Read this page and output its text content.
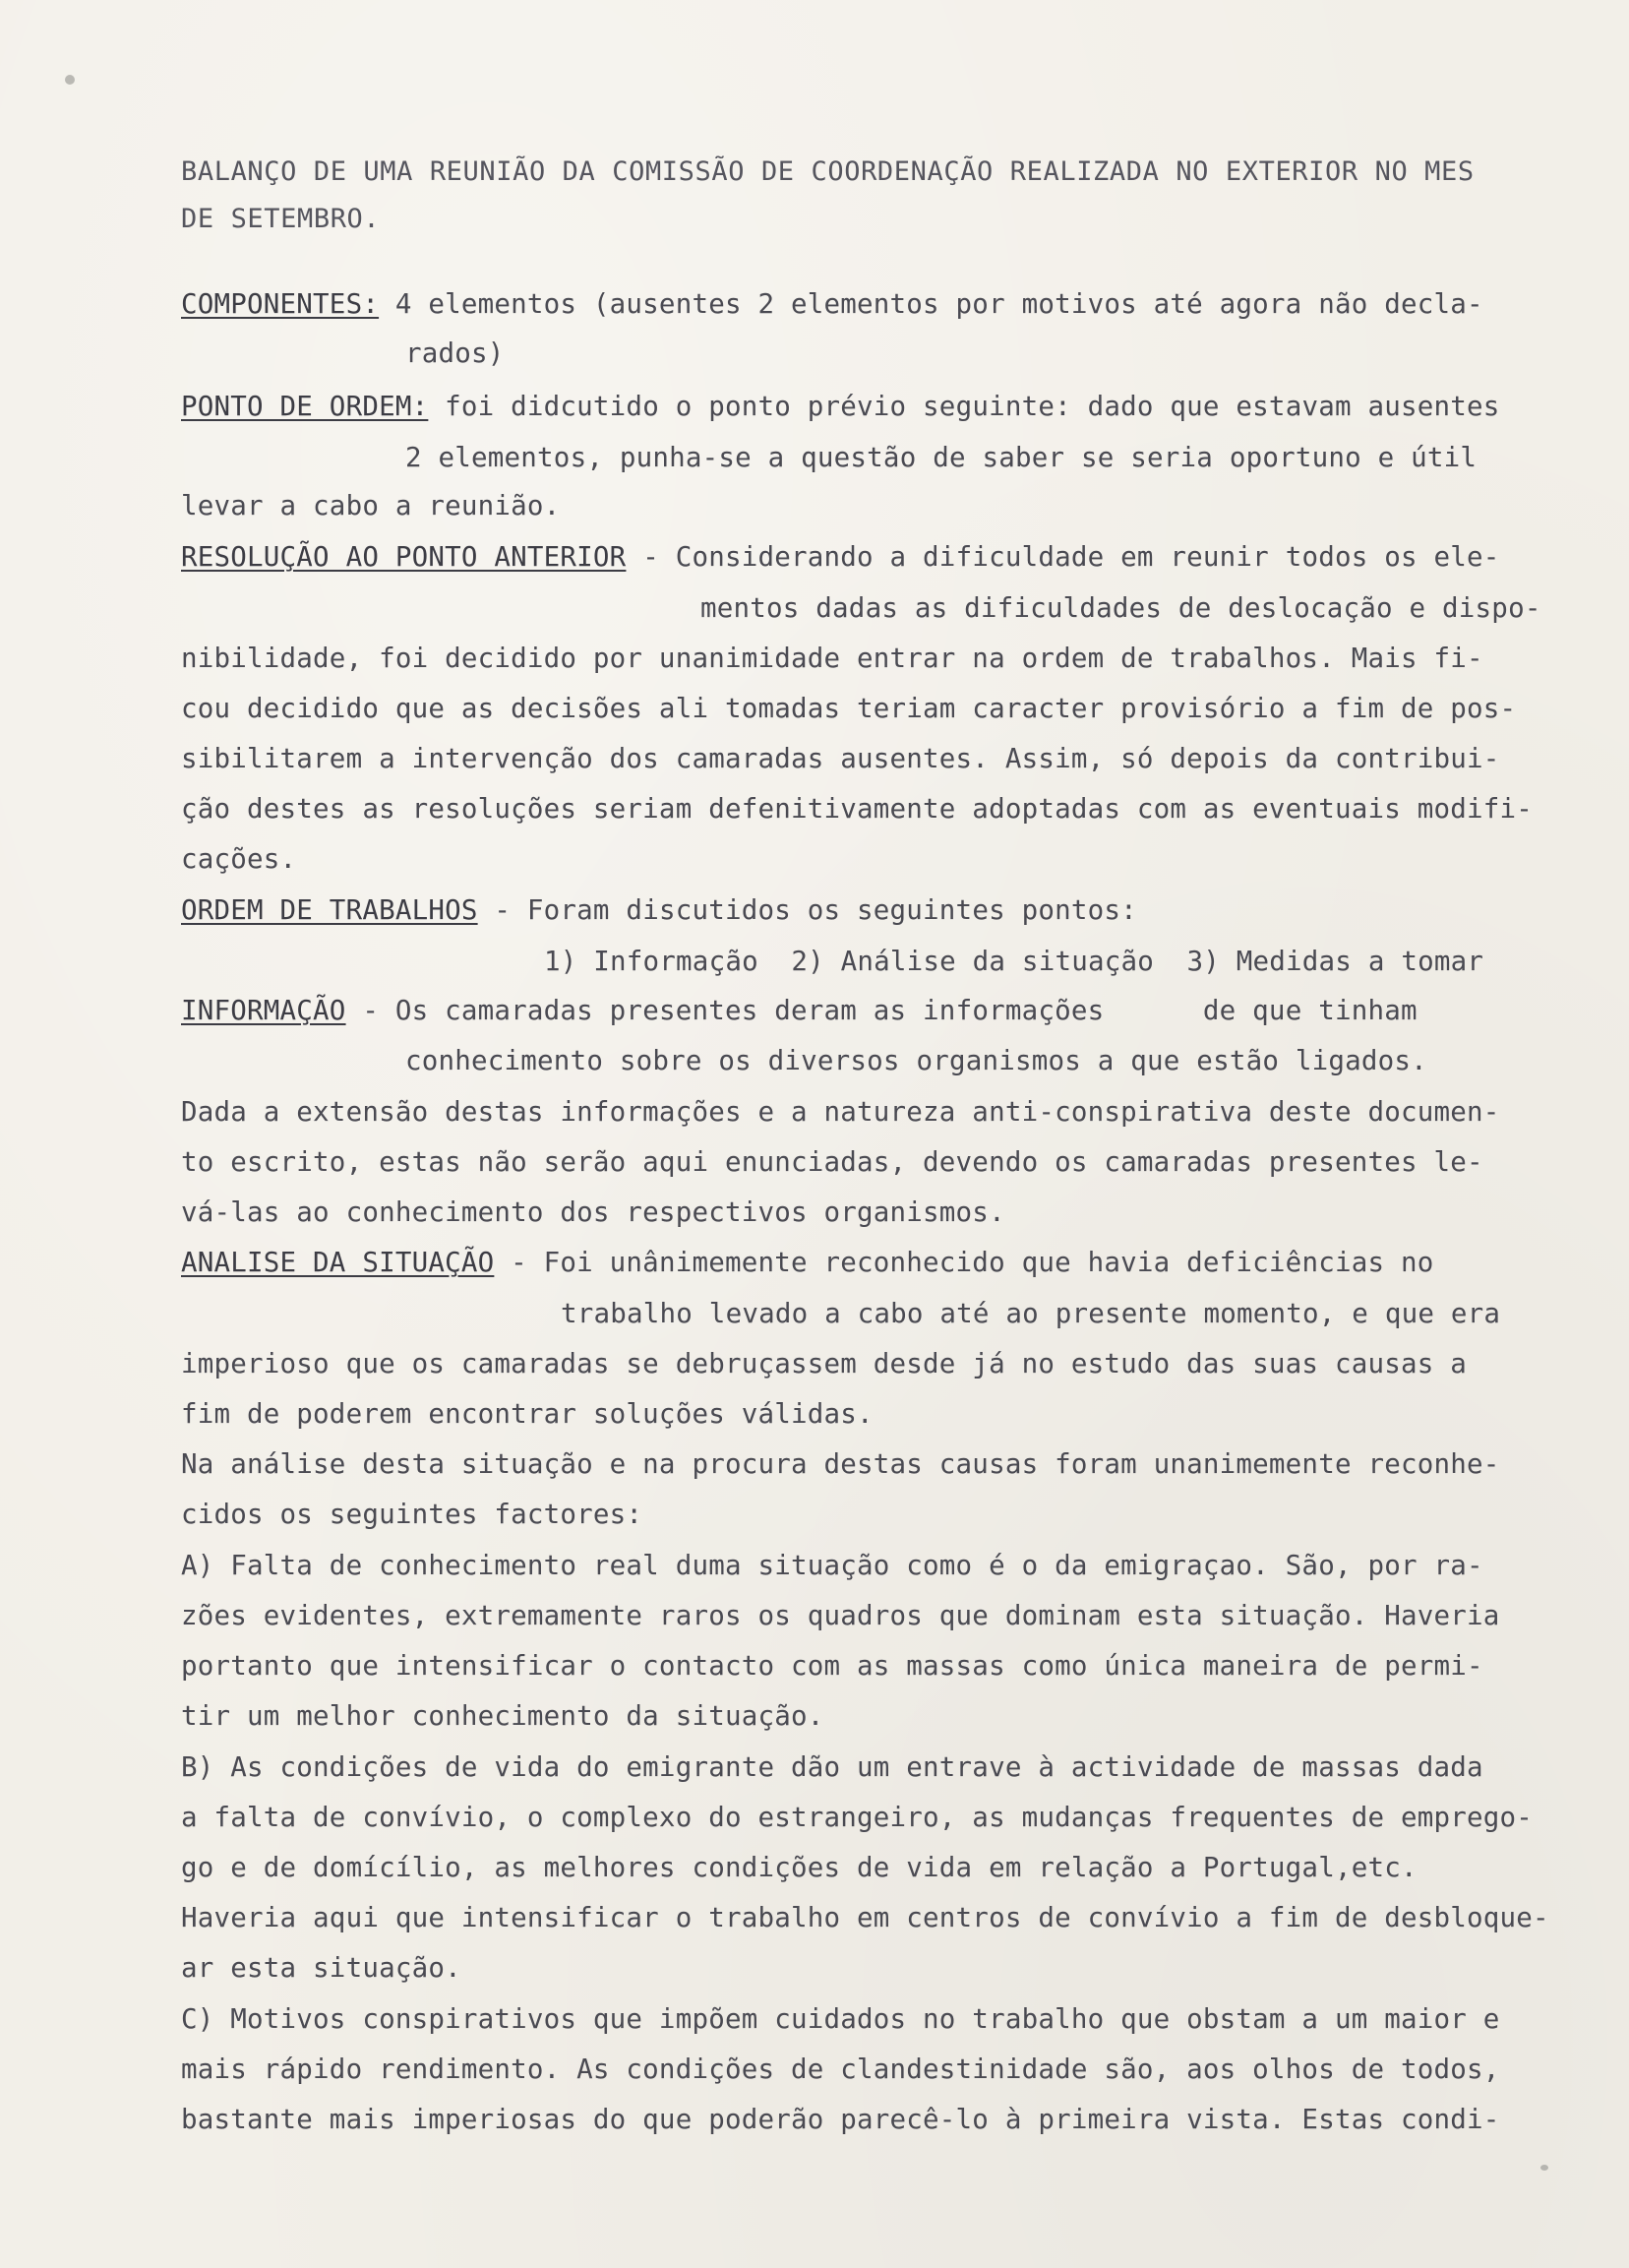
BALANÇO DE UMA REUNIÃO DA COMISSÃO DE COORDENAÇÃO REALIZADA NO EXTERIOR NO MES
DE SETEMBRO.
COMPONENTES: 4 elementos (ausentes 2 elementos por motivos até agora não decla-
rados)
PONTO DE ORDEM: foi didcutido o ponto prévio seguinte: dado que estavam ausentes
2 elementos, punha-se a questão de saber se seria oportuno e útil
levar a cabo a reunião.
RESOLUÇÃO AO PONTO ANTERIOR - Considerando a dificuldade em reunir todos os ele-
mentos dadas as dificuldades de deslocação e dispo-
nibilidade, foi decidido por unanimidade entrar na ordem de trabalhos. Mais fi-
cou decidido que as decisões ali tomadas teriam caracter provisório a fim de pos-
sibilitarem a intervenção dos camaradas ausentes. Assim, só depois da contribui-
ção destes as resoluções seriam defenitivamente adoptadas com as eventuais modifi-
cações.
ORDEM DE TRABALHOS - Foram discutidos os seguintes pontos:
1) Informação  2) Análise da situação  3) Medidas a tomar
INFORMAÇÃO - Os camaradas presentes deram as informações      de que tinham
conhecimento sobre os diversos organismos a que estão ligados.
Dada a extensão destas informações e a natureza anti-conspirativa deste documen-
to escrito, estas não serão aqui enunciadas, devendo os camaradas presentes le-
vá-las ao conhecimento dos respectivos organismos.
ANALISE DA SITUAÇÃO - Foi unânimemente reconhecido que havia deficiências no
trabalho levado a cabo até ao presente momento, e que era
imperioso que os camaradas se debruçassem desde já no estudo das suas causas a
fim de poderem encontrar soluções válidas.
Na análise desta situação e na procura destas causas foram unanimemente reconhe-
cidos os seguintes factores:
A) Falta de conhecimento real duma situação como é o da emigraçao. São, por ra-
zões evidentes, extremamente raros os quadros que dominam esta situação. Haveria
portanto que intensificar o contacto com as massas como única maneira de permi-
tir um melhor conhecimento da situação.
B) As condições de vida do emigrante dão um entrave à actividade de massas dada
a falta de convívio, o complexo do estrangeiro, as mudanças frequentes de emprego-
go e de domícílio, as melhores condições de vida em relação a Portugal,etc.
Haveria aqui que intensificar o trabalho em centros de convívio a fim de desbloque-
ar esta situação.
C) Motivos conspirativos que impõem cuidados no trabalho que obstam a um maior e
mais rápido rendimento. As condições de clandestinidade são, aos olhos de todos,
bastante mais imperiosas do que poderão parecê-lo à primeira vista. Estas condi-
